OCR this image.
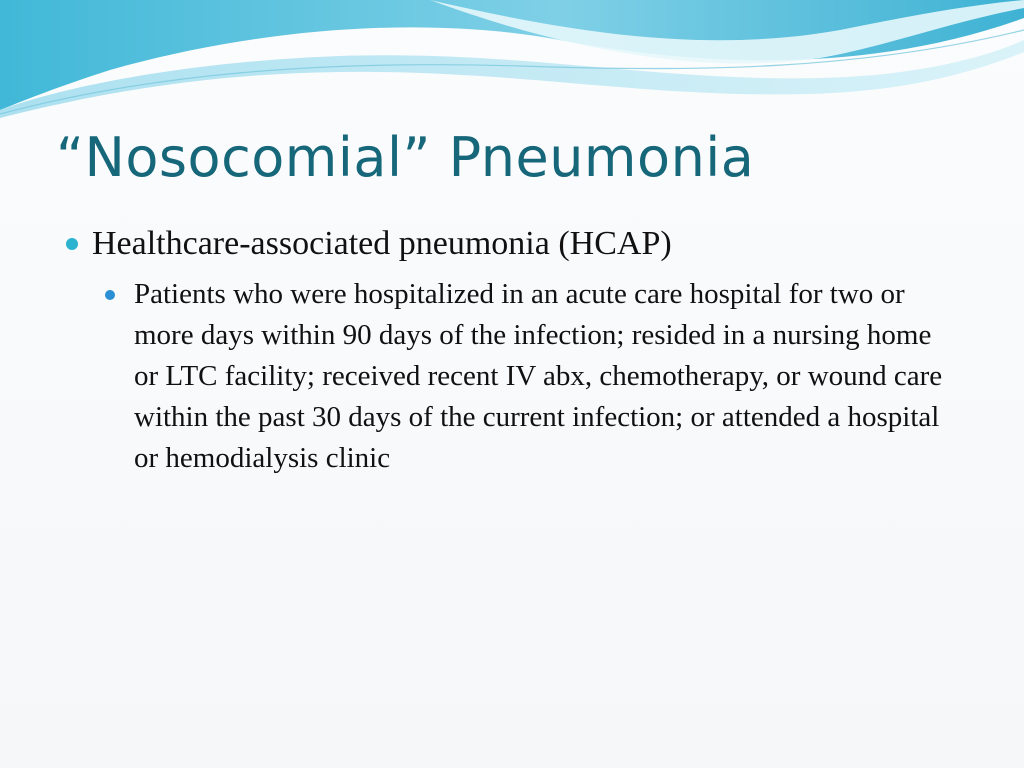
“Nosocomial” Pneumonia
Healthcare-associated pneumonia (HCAP)
Patients who were hospitalized in an acute care hospital for two or more days within 90 days of the infection; resided in a nursing home or LTC facility; received recent IV abx, chemotherapy, or wound care within the past 30 days of the current infection; or attended a hospital or hemodialysis clinic
